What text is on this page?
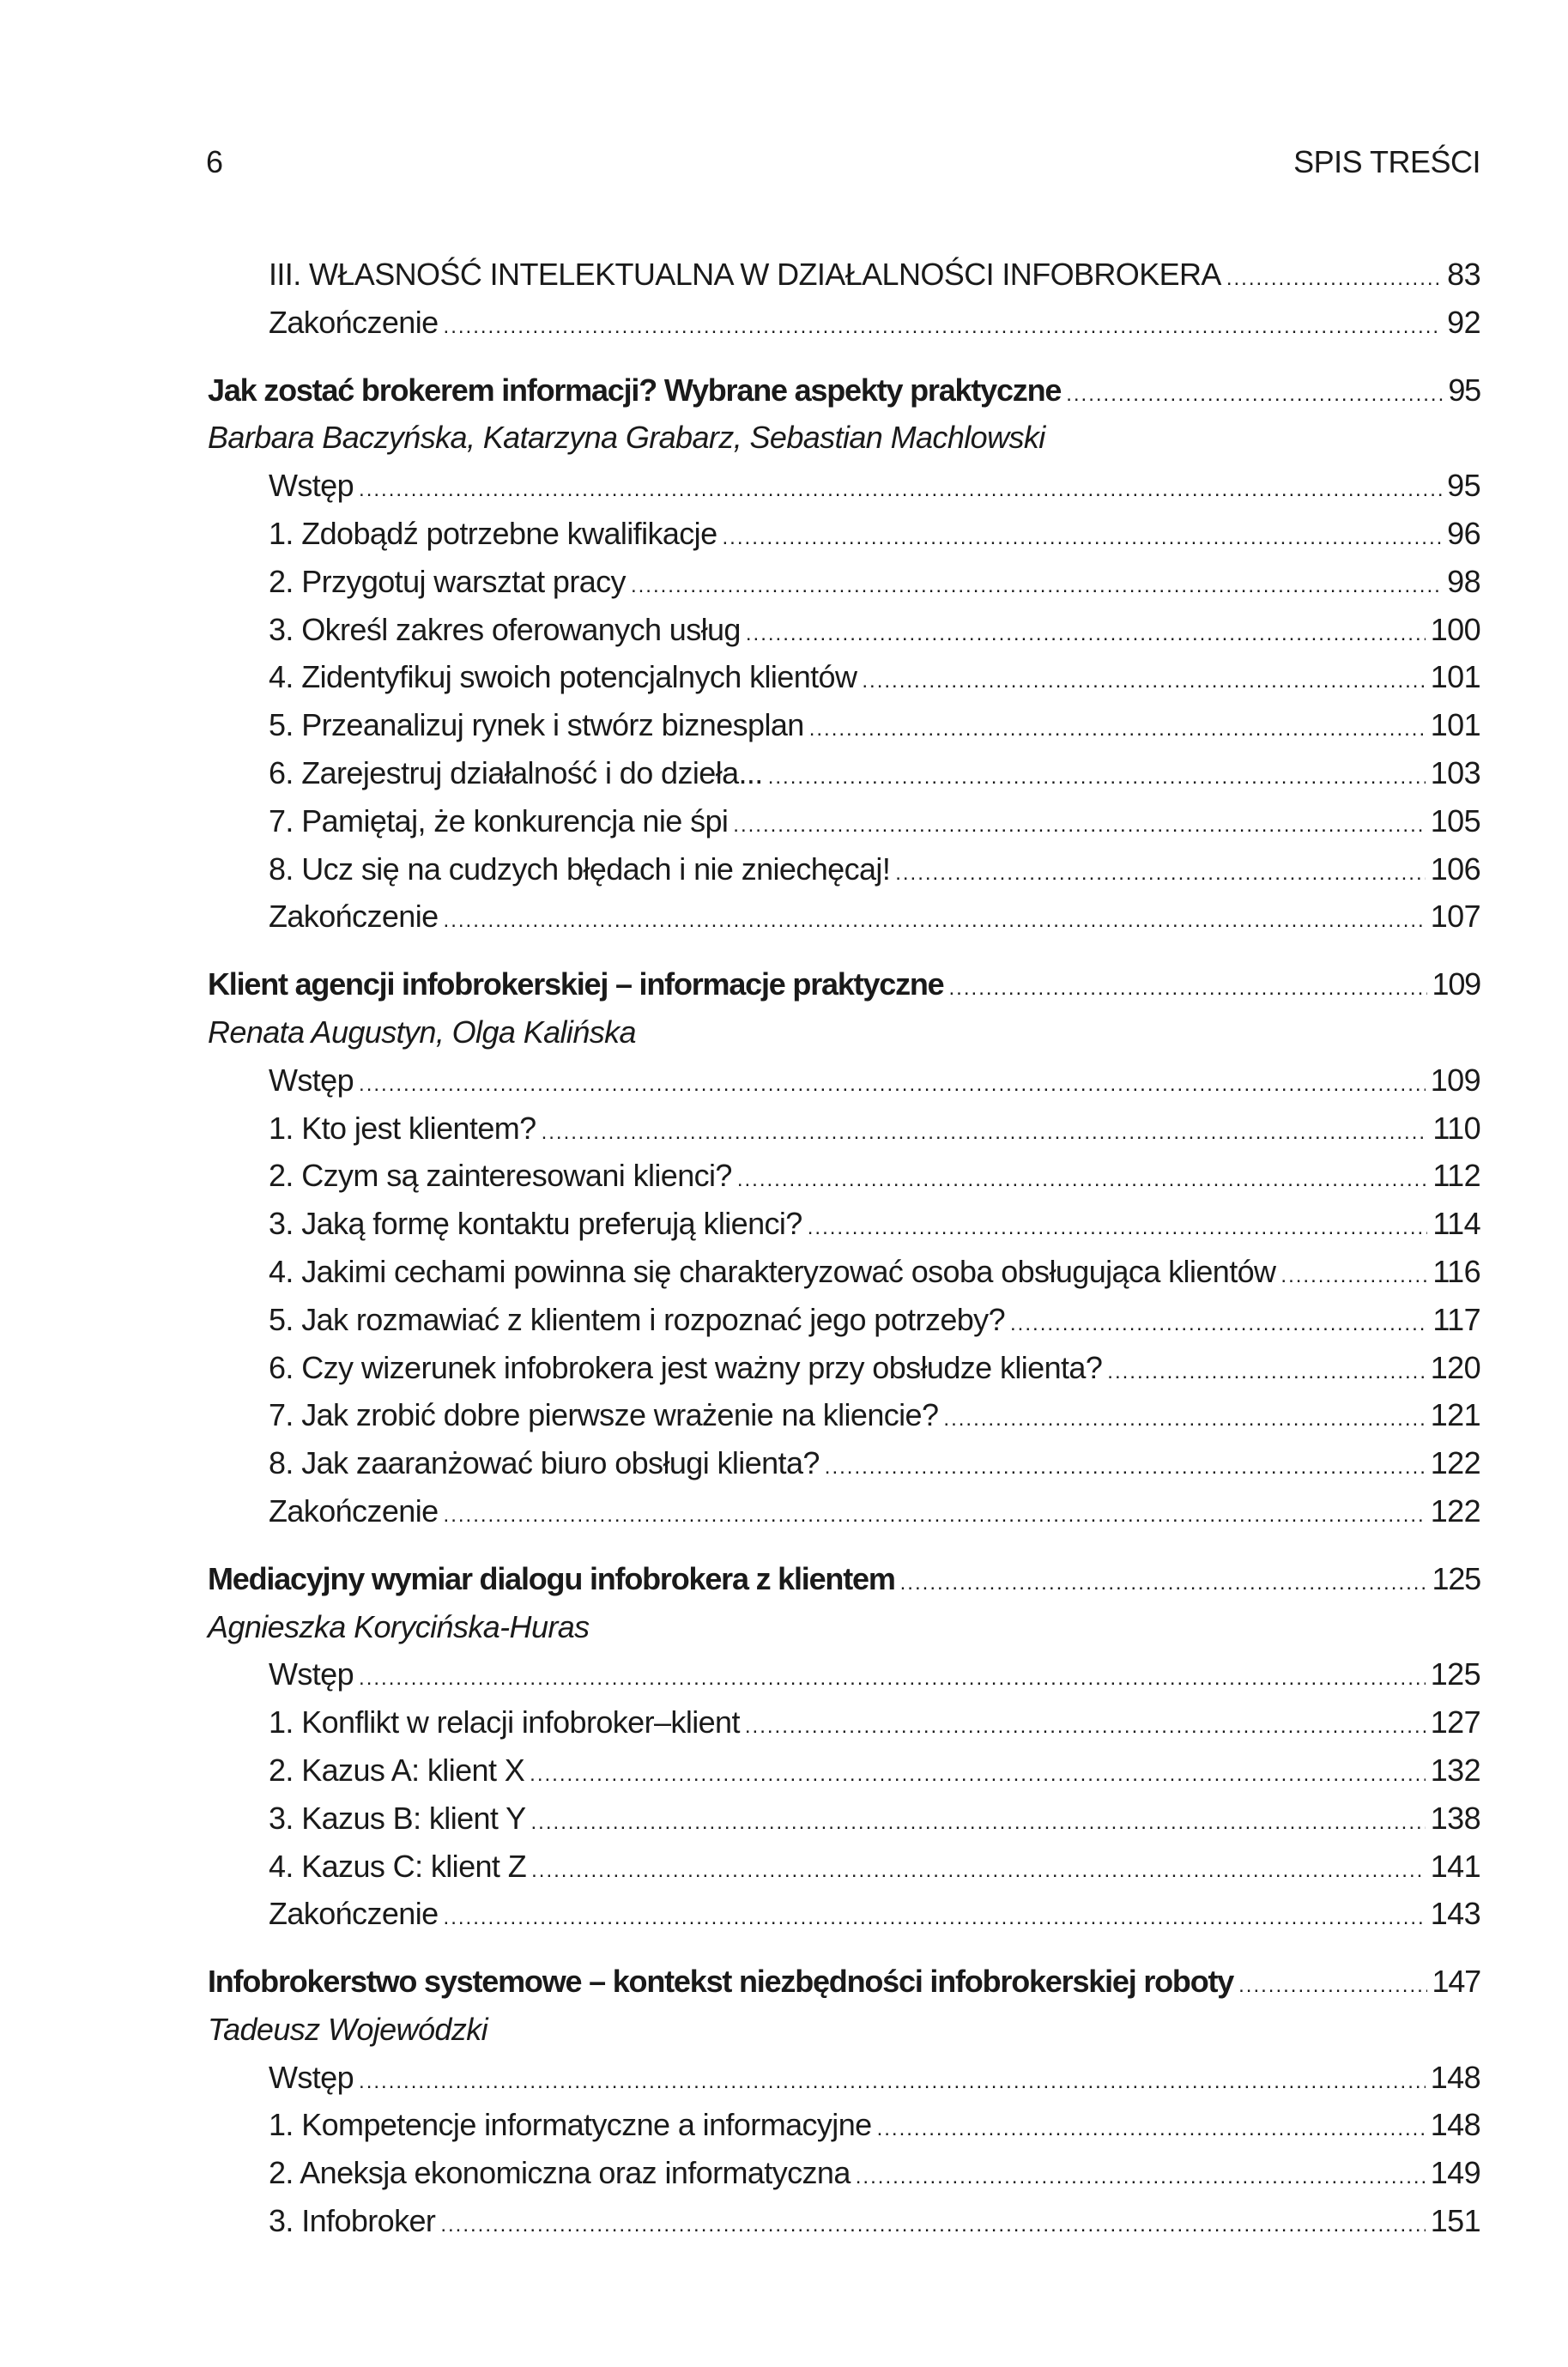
6	SPIS TREŚCI
III. WŁASNOŚĆ INTELEKTUALNA W DZIAŁALNOŚCI INFOBROKERA .....	83
Zakończenie .....	92
Jak zostać brokerem informacji? Wybrane aspekty praktyczne .....	95
Barbara Baczyńska, Katarzyna Grabarz, Sebastian Machlowski
Wstęp .....	95
1. Zdobądź potrzebne kwalifikacje .....	96
2. Przygotuj warsztat pracy .....	98
3. Określ zakres oferowanych usług .....	100
4. Zidentyfikuj swoich potencjalnych klientów .....	101
5. Przeanalizuj rynek i stwórz biznesplan .....	101
6. Zarejestruj działalność i do dzieła... .....	103
7. Pamiętaj, że konkurencja nie śpi .....	105
8. Ucz się na cudzych błędach i nie zniechęcaj! .....	106
Zakończenie .....	107
Klient agencji infobrokerskiej – informacje praktyczne .....	109
Renata Augustyn, Olga Kalińska
Wstęp .....	109
1. Kto jest klientem? .....	110
2. Czym są zainteresowani klienci? .....	112
3. Jaką formę kontaktu preferują klienci? .....	114
4. Jakimi cechami powinna się charakteryzować osoba obsługująca klientów .....	116
5. Jak rozmawiać z klientem i rozpoznać jego potrzeby? .....	117
6. Czy wizerunek infobrokera jest ważny przy obsłudze klienta? .....	120
7. Jak zrobić dobre pierwsze wrażenie na kliencie? .....	121
8. Jak zaaranżować biuro obsługi klienta? .....	122
Zakończenie .....	122
Mediacyjny wymiar dialogu infobrokera z klientem .....	125
Agnieszka Korycińska-Huras
Wstęp .....	125
1. Konflikt w relacji infobroker–klient .....	127
2. Kazus A: klient X .....	132
3. Kazus B: klient Y .....	138
4. Kazus C: klient Z .....	141
Zakończenie .....	143
Infobrokerstwo systemowe – kontekst niezbędności infobrokerskiej roboty .....	147
Tadeusz Wojewódzki
Wstęp .....	148
1. Kompetencje informatyczne a informacyjne .....	148
2. Aneksja ekonomiczna oraz informatyczna .....	149
3. Infobroker .....	151
